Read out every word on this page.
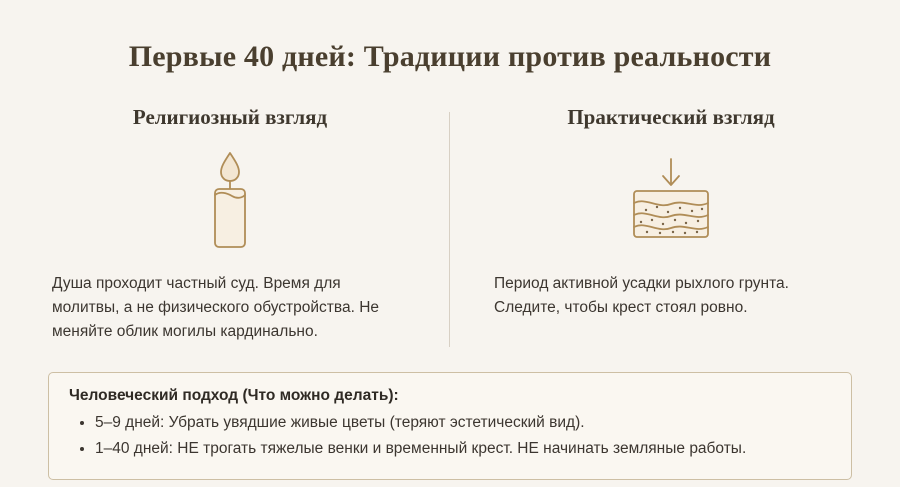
Первые 40 дней: Традиции против реальности
Религиозный взгляд
Душа проходит частный суд. Время для молитвы, а не физического обустройства. Не меняйте облик могилы кардинально.
Практический взгляд
Период активной усадки рыхлого грунта. Следите, чтобы крест стоял ровно.
Человеческий подход (Что можно делать):
• 5–9 дней: Убрать увядшие живые цветы (теряют эстетический вид).
• 1–40 дней: НЕ трогать тяжелые венки и временный крест. НЕ начинать земляные работы.
